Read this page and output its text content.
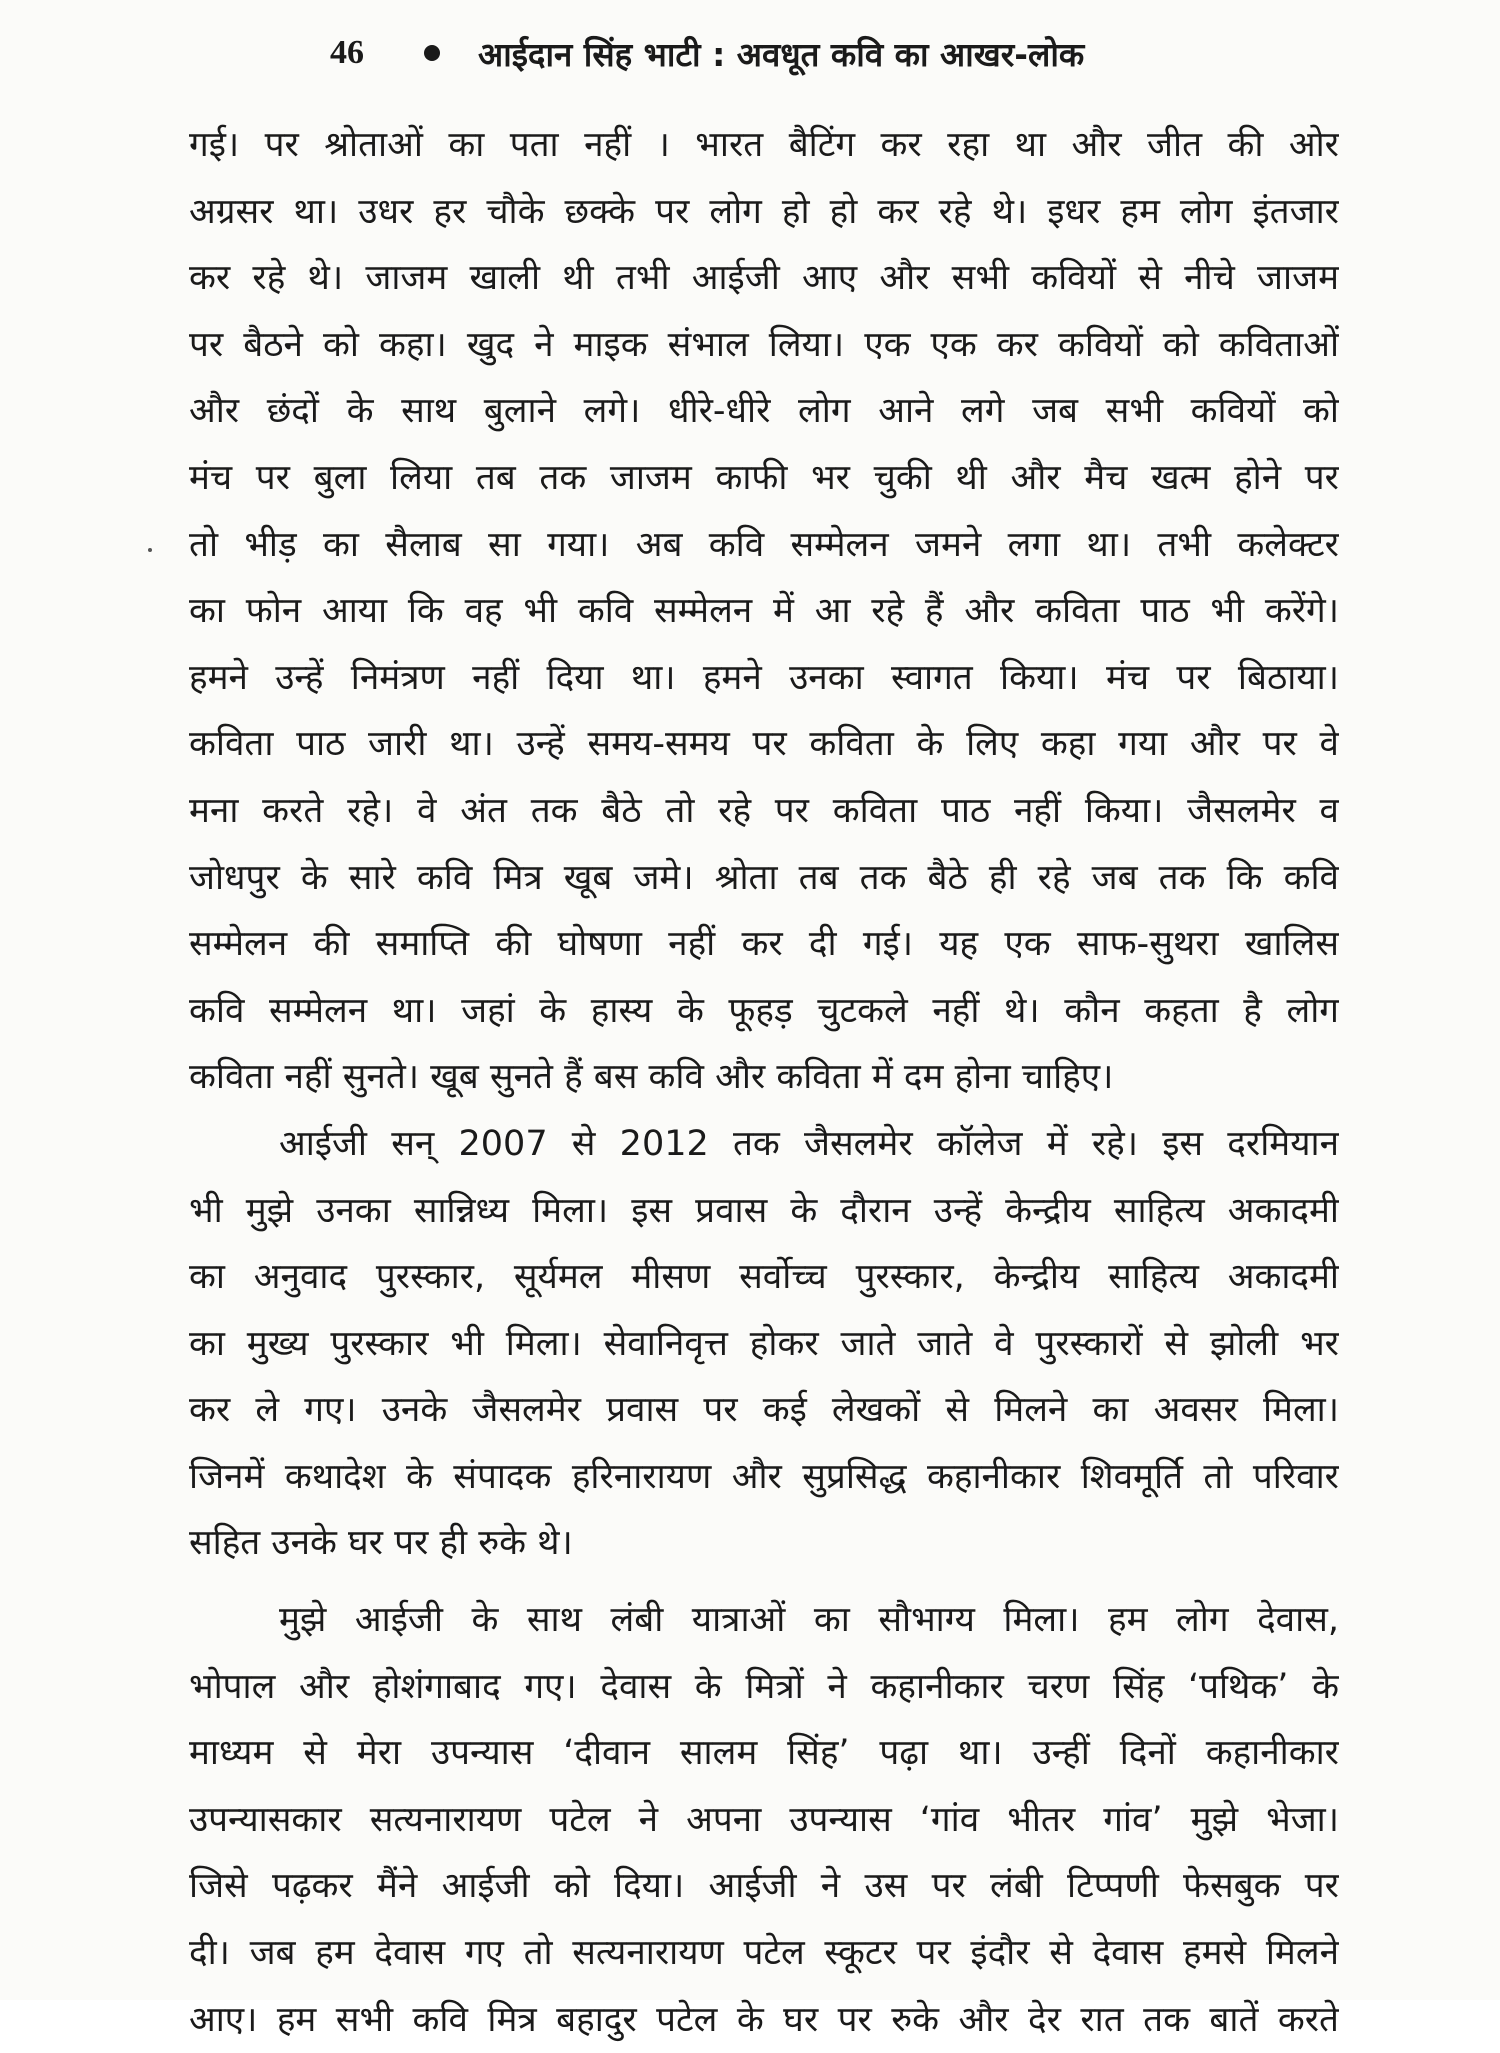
46	आईदान सिंह भाटी : अवधूत कवि का आखर-लोक
गई। पर श्रोताओं का पता नहीं । भारत बैटिंग कर रहा था और जीत की ओर
अग्रसर था। उधर हर चौके छक्के पर लोग हो हो कर रहे थे। इधर हम लोग इंतजार
कर रहे थे। जाजम खाली थी तभी आईजी आए और सभी कवियों से नीचे जाजम
पर बैठने को कहा। खुद ने माइक संभाल लिया। एक एक कर कवियों को कविताओं
और छंदों के साथ बुलाने लगे। धीरे-धीरे लोग आने लगे जब सभी कवियों को
मंच पर बुला लिया तब तक जाजम काफी भर चुकी थी और मैच खत्म होने पर
तो भीड़ का सैलाब सा गया। अब कवि सम्मेलन जमने लगा था। तभी कलेक्टर
का फोन आया कि वह भी कवि सम्मेलन में आ रहे हैं और कविता पाठ भी करेंगे।
हमने उन्हें निमंत्रण नहीं दिया था। हमने उनका स्वागत किया। मंच पर बिठाया।
कविता पाठ जारी था। उन्हें समय-समय पर कविता के लिए कहा गया और पर वे
मना करते रहे। वे अंत तक बैठे तो रहे पर कविता पाठ नहीं किया। जैसलमेर व
जोधपुर के सारे कवि मित्र खूब जमे। श्रोता तब तक बैठे ही रहे जब तक कि कवि
सम्मेलन की समाप्ति की घोषणा नहीं कर दी गई। यह एक साफ-सुथरा खालिस
कवि सम्मेलन था। जहां के हास्य के फूहड़ चुटकले नहीं थे। कौन कहता है लोग
कविता नहीं सुनते। खूब सुनते हैं बस कवि और कविता में दम होना चाहिए।
आईजी सन् 2007 से 2012 तक जैसलमेर कॉलेज में रहे। इस दरमियान
भी मुझे उनका सान्निध्य मिला। इस प्रवास के दौरान उन्हें केन्द्रीय साहित्य अकादमी
का अनुवाद पुरस्कार, सूर्यमल मीसण सर्वोच्च पुरस्कार, केन्द्रीय साहित्य अकादमी
का मुख्य पुरस्कार भी मिला। सेवानिवृत्त होकर जाते जाते वे पुरस्कारों से झोली भर
कर ले गए। उनके जैसलमेर प्रवास पर कई लेखकों से मिलने का अवसर मिला।
जिनमें कथादेश के संपादक हरिनारायण और सुप्रसिद्ध कहानीकार शिवमूर्ति तो परिवार
सहित उनके घर पर ही रुके थे।
मुझे आईजी के साथ लंबी यात्राओं का सौभाग्य मिला। हम लोग देवास,
भोपाल और होशंगाबाद गए। देवास के मित्रों ने कहानीकार चरण सिंह ‘पथिक’ के
माध्यम से मेरा उपन्यास ‘दीवान सालम सिंह’ पढ़ा था। उन्हीं दिनों कहानीकार
उपन्यासकार सत्यनारायण पटेल ने अपना उपन्यास ‘गांव भीतर गांव’ मुझे भेजा।
जिसे पढ़कर मैंने आईजी को दिया। आईजी ने उस पर लंबी टिप्पणी फेसबुक पर
दी। जब हम देवास गए तो सत्यनारायण पटेल स्कूटर पर इंदौर से देवास हमसे मिलने
आए। हम सभी कवि मित्र बहादुर पटेल के घर पर रुके और देर रात तक बातें करते
